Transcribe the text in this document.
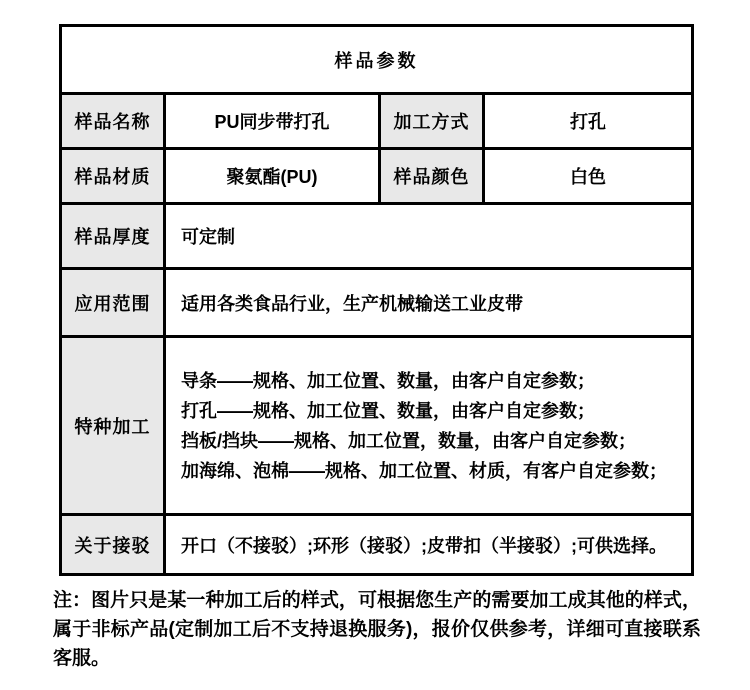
样品参数			
样品名称	PU同步带打孔	加工方式	打孔
样品材质	聚氨酯(PU)	样品颜色	白色
样品厚度	可定制		
应用范围	适用各类食品行业，生产机械输送工业皮带		
特种加工	导条——规格、加工位置、数量，由客户自定参数；
打孔——规格、加工位置、数量，由客户自定参数；
挡板/挡块——规格、加工位置，数量，由客户自定参数；
加海绵、泡棉——规格、加工位置、材质，有客户自定参数；		

关于接驳	开口（不接驳）;环形（接驳）;皮带扣（半接驳）;可供选择。		
注：图片只是某一种加工后的样式，可根据您生产的需要加工成其他的样式，属于非标产品(定制加工后不支持退换服务)，报价仅供参考，详细可直接联系客服。
